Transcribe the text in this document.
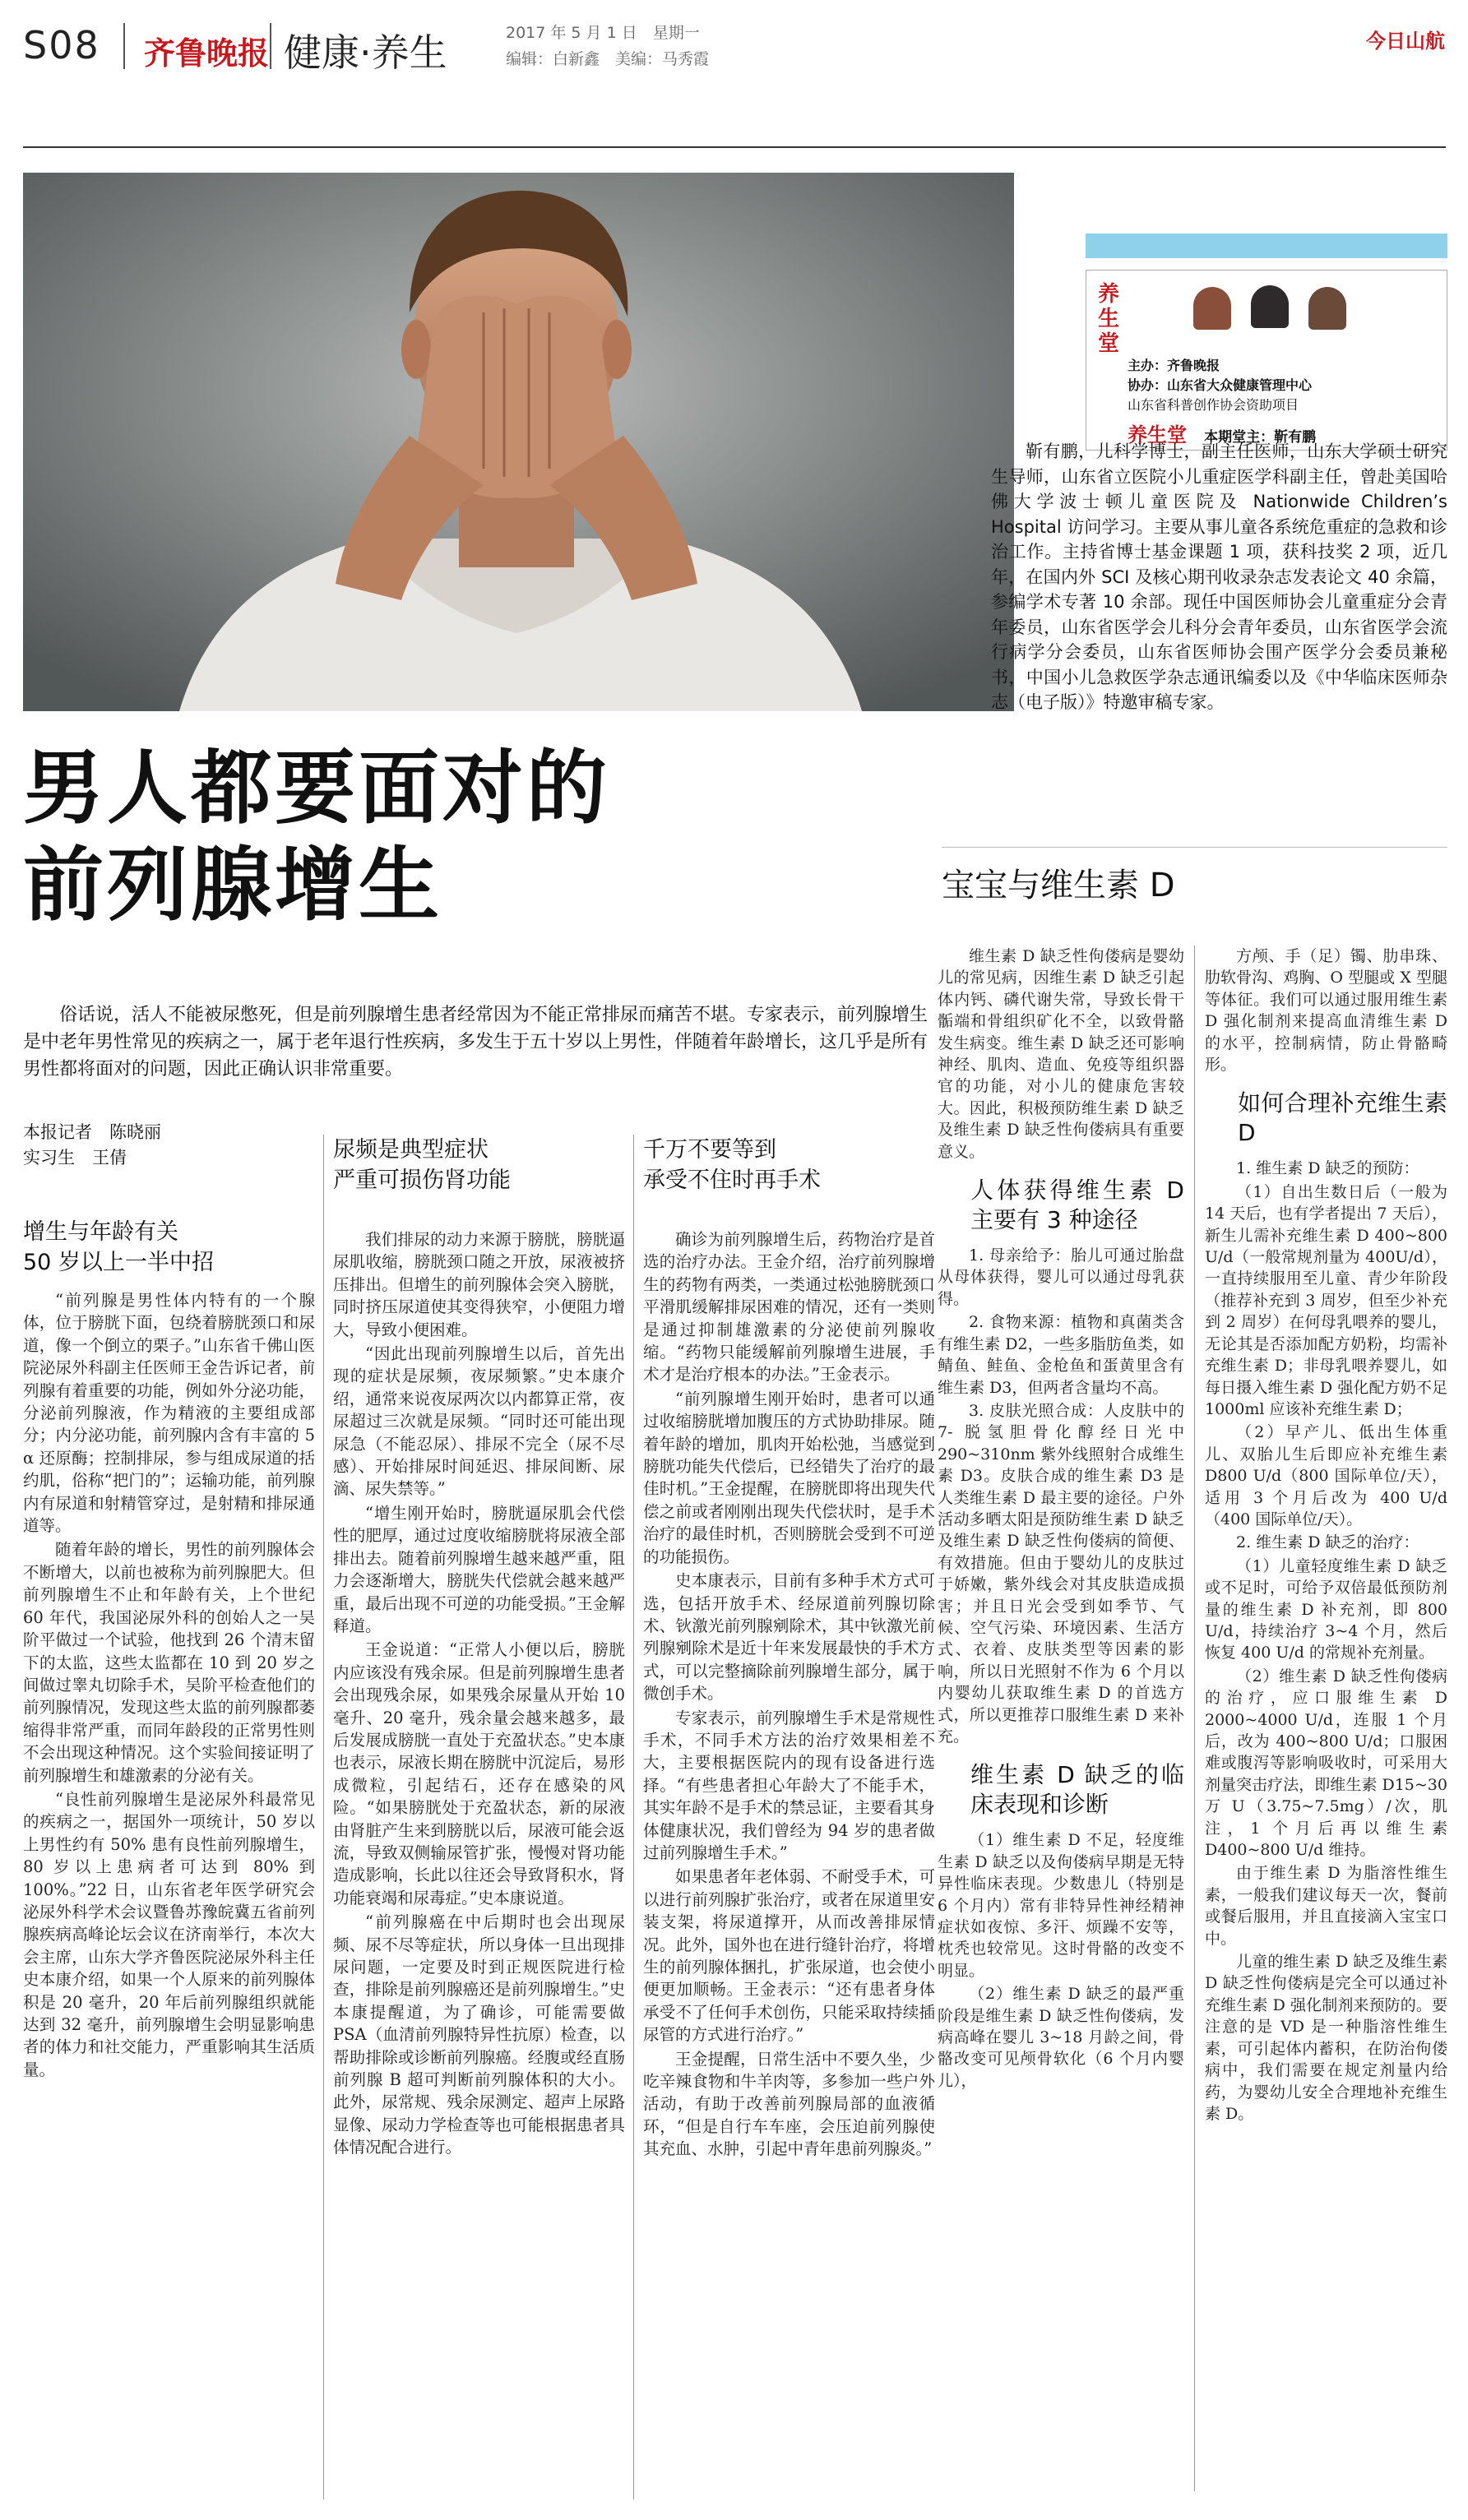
S08 齐鲁晚报 健康·养生	2017 年 5 月 1 日　星期一
编辑：白新鑫　美编：马秀霞
今日山航
男人都要面对的
前列腺增生
俗话说，活人不能被尿憋死，但是前列腺增生患者经常因为不能正常排尿而痛苦不堪。专家表示，前列腺增生是中老年男性常见的疾病之一，属于老年退行性疾病，多发生于五十岁以上男性，伴随着年龄增长，这几乎是所有男性都将面对的问题，因此正确认识非常重要。
本报记者　陈晓丽
实习生　王倩
增生与年龄有关
50 岁以上一半中招

“前列腺是男性体内特有的一个腺体，位于膀胱下面，包绕着膀胱颈口和尿道，像一个倒立的栗子。”山东省千佛山医院泌尿外科副主任医师王金告诉记者，前列腺有着重要的功能，例如外分泌功能，分泌前列腺液，作为精液的主要组成部分；内分泌功能，前列腺内含有丰富的 5 α 还原酶；控制排尿，参与组成尿道的括约肌，俗称“把门的”；运输功能，前列腺内有尿道和射精管穿过，是射精和排尿通道等。

随着年龄的增长，男性的前列腺体会不断增大，以前也被称为前列腺肥大。但前列腺增生不止和年龄有关，上个世纪 60 年代，我国泌尿外科的创始人之一吴阶平做过一个试验，他找到 26 个清末留下的太监，这些太监都在 10 到 20 岁之间做过睾丸切除手术，吴阶平检查他们的前列腺情况，发现这些太监的前列腺都萎缩得非常严重，而同年龄段的正常男性则不会出现这种情况。这个实验间接证明了前列腺增生和雄激素的分泌有关。

“良性前列腺增生是泌尿外科最常见的疾病之一，据国外一项统计，50 岁以上男性约有 50% 患有良性前列腺增生，80 岁以上患病者可达到 80% 到 100%。”22 日，山东省老年医学研究会泌尿外科学术会议暨鲁苏豫皖冀五省前列腺疾病高峰论坛会议在济南举行，本次大会主席，山东大学齐鲁医院泌尿外科主任史本康介绍，如果一个人原来的前列腺体积是 20 毫升，20 年后前列腺组织就能达到 32 毫升，前列腺增生会明显影响患者的体力和社交能力，严重影响其生活质量。

尿频是典型症状
严重可损伤肾功能

我们排尿的动力来源于膀胱，膀胱逼尿肌收缩，膀胱颈口随之开放，尿液被挤压排出。但增生的前列腺体会突入膀胱，同时挤压尿道使其变得狭窄，小便阻力增大，导致小便困难。

“因此出现前列腺增生以后，首先出现的症状是尿频，夜尿频繁。”史本康介绍，通常来说夜尿两次以内都算正常，夜尿超过三次就是尿频。“同时还可能出现尿急（不能忍尿）、排尿不完全（尿不尽感）、开始排尿时间延迟、排尿间断、尿滴、尿失禁等。”

“增生刚开始时，膀胱逼尿肌会代偿性的肥厚，通过过度收缩膀胱将尿液全部排出去。随着前列腺增生越来越严重，阻力会逐渐增大，膀胱失代偿就会越来越严重，最后出现不可逆的功能受损。”王金解释道。

王金说道：“正常人小便以后，膀胱内应该没有残余尿。但是前列腺增生患者会出现残余尿，如果残余尿量从开始 10 毫升、20 毫升，残余量会越来越多，最后发展成膀胱一直处于充盈状态。”史本康也表示，尿液长期在膀胱中沉淀后，易形成微粒，引起结石，还存在感染的风险。“如果膀胱处于充盈状态，新的尿液由肾脏产生来到膀胱以后，尿液可能会返流，导致双侧输尿管扩张，慢慢对肾功能造成影响，长此以往还会导致肾积水，肾功能衰竭和尿毒症。”史本康说道。

“前列腺癌在中后期时也会出现尿频、尿不尽等症状，所以身体一旦出现排尿问题，一定要及时到正规医院进行检查，排除是前列腺癌还是前列腺增生。”史本康提醒道，为了确诊，可能需要做 PSA（血清前列腺特异性抗原）检查，以帮助排除或诊断前列腺癌。经腹或经直肠前列腺 B 超可判断前列腺体积的大小。此外，尿常规、残余尿测定、超声上尿路显像、尿动力学检查等也可能根据患者具体情况配合进行。

千万不要等到
承受不住时再手术

确诊为前列腺增生后，药物治疗是首选的治疗办法。王金介绍，治疗前列腺增生的药物有两类，一类通过松弛膀胱颈口平滑肌缓解排尿困难的情况，还有一类则是通过抑制雄激素的分泌使前列腺收缩。“药物只能缓解前列腺增生进展，手术才是治疗根本的办法。”王金表示。

“前列腺增生刚开始时，患者可以通过收缩膀胱增加腹压的方式协助排尿。随着年龄的增加，肌肉开始松弛，当感觉到膀胱功能失代偿后，已经错失了治疗的最佳时机。”王金提醒，在膀胱即将出现失代偿之前或者刚刚出现失代偿状时，是手术治疗的最佳时机，否则膀胱会受到不可逆的功能损伤。

史本康表示，目前有多种手术方式可选，包括开放手术、经尿道前列腺切除术、钬激光前列腺剜除术，其中钬激光前列腺剜除术是近十年来发展最快的手术方式，可以完整摘除前列腺增生部分，属于微创手术。

专家表示，前列腺增生手术是常规性手术，不同手术方法的治疗效果相差不大，主要根据医院内的现有设备进行选择。“有些患者担心年龄大了不能手术，其实年龄不是手术的禁忌证，主要看其身体健康状况，我们曾经为 94 岁的患者做过前列腺增生手术。”

如果患者年老体弱、不耐受手术，可以进行前列腺扩张治疗，或者在尿道里安装支架，将尿道撑开，从而改善排尿情况。此外，国外也在进行缝针治疗，将增生的前列腺体捆扎，扩张尿道，也会使小便更加顺畅。王金表示：“还有患者身体承受不了任何手术创伤，只能采取持续插尿管的方式进行治疗。”

王金提醒，日常生活中不要久坐，少吃辛辣食物和牛羊肉等，多参加一些户外活动，有助于改善前列腺局部的血液循环，“但是自行车车座，会压迫前列腺使其充血、水肿，引起中青年患前列腺炎。”

养生堂
主办：齐鲁晚报
协办：山东省大众健康管理中心
山东省科普创作协会资助项目
养生堂 本期堂主：靳有鹏
靳有鹏，儿科学博士，副主任医师，山东大学硕士研究生导师，山东省立医院小儿重症医学科副主任，曾赴美国哈佛大学波士顿儿童医院及 Nationwide Children’s Hospital 访问学习。主要从事儿童各系统危重症的急救和诊治工作。主持省博士基金课题 1 项，获科技奖 2 项，近几年，在国内外 SCI 及核心期刊收录杂志发表论文 40 余篇，参编学术专著 10 余部。现任中国医师协会儿童重症分会青年委员，山东省医学会儿科分会青年委员，山东省医学会流行病学分会委员，山东省医师协会围产医学分会委员兼秘书，中国小儿急救医学杂志通讯编委以及《中华临床医师杂志（电子版）》特邀审稿专家。
宝宝与维生素 D

维生素 D 缺乏性佝偻病是婴幼儿的常见病，因维生素 D 缺乏引起体内钙、磷代谢失常，导致长骨干骺端和骨组织矿化不全，以致骨骼发生病变。维生素 D 缺乏还可影响神经、肌肉、造血、免疫等组织器官的功能，对小儿的健康危害较大。因此，积极预防维生素 D 缺乏及维生素 D 缺乏性佝偻病具有重要意义。

人体获得维生素 D 主要有 3 种途径

1. 母亲给予：胎儿可通过胎盘从母体获得，婴儿可以通过母乳获得。

2. 食物来源：植物和真菌类含有维生素 D2，一些多脂肪鱼类，如鲭鱼、鲑鱼、金枪鱼和蛋黄里含有维生素 D3，但两者含量均不高。

3. 皮肤光照合成：人皮肤中的 7- 脱氢胆骨化醇经日光中 290~310nm 紫外线照射合成维生素 D3。皮肤合成的维生素 D3 是人类维生素 D 最主要的途径。户外活动多晒太阳是预防维生素 D 缺乏及维生素 D 缺乏性佝偻病的简便、有效措施。但由于婴幼儿的皮肤过于娇嫩，紫外线会对其皮肤造成损害；并且日光会受到如季节、气候、空气污染、环境因素、生活方式、衣着、皮肤类型等因素的影响，所以日光照射不作为 6 个月以内婴幼儿获取维生素 D 的首选方式，所以更推荐口服维生素 D 来补充。

维生素 D 缺乏的临床表现和诊断

（1）维生素 D 不足，轻度维生素 D 缺乏以及佝偻病早期是无特异性临床表现。少数患儿（特别是 6 个月内）常有非特异性神经精神症状如夜惊、多汗、烦躁不安等，枕秃也较常见。这时骨骼的改变不明显。

（2）维生素 D 缺乏的最严重阶段是维生素 D 缺乏性佝偻病，发病高峰在婴儿 3~18 月龄之间，骨骼改变可见颅骨软化（6 个月内婴儿），

方颅、手（足）镯、肋串珠、肋软骨沟、鸡胸、O 型腿或 X 型腿等体征。我们可以通过服用维生素 D 强化制剂来提高血清维生素 D 的水平，控制病情，防止骨骼畸形。

如何合理补充维生素 D

1. 维生素 D 缺乏的预防：

（1）自出生数日后（一般为 14 天后，也有学者提出 7 天后），新生儿需补充维生素 D 400~800 U/d（一般常规剂量为 400U/d），一直持续服用至儿童、青少年阶段（推荐补充到 3 周岁，但至少补充到 2 周岁）在何母乳喂养的婴儿，无论其是否添加配方奶粉，均需补充维生素 D；非母乳喂养婴儿，如每日摄入维生素 D 强化配方奶不足 1000ml 应该补充维生素 D；

（2）早产儿、低出生体重儿、双胎儿生后即应补充维生素 D800 U/d（800 国际单位/天），适用 3 个月后改为 400 U/d（400 国际单位/天）。

2. 维生素 D 缺乏的治疗：

（1）儿童轻度维生素 D 缺乏或不足时，可给予双倍最低预防剂量的维生素 D 补充剂，即 800 U/d，持续治疗 3~4 个月，然后恢复 400 U/d 的常规补充剂量。

（2）维生素 D 缺乏性佝偻病的治疗，应口服维生素 D 2000~4000 U/d，连服 1 个月后，改为 400~800 U/d；口服困难或腹泻等影响吸收时，可采用大剂量突击疗法，即维生素 D15~30 万 U（3.75~7.5mg）/次，肌注，1 个月后再以维生素 D400~800 U/d 维持。

由于维生素 D 为脂溶性维生素，一般我们建议每天一次，餐前或餐后服用，并且直接滴入宝宝口中。

儿童的维生素 D 缺乏及维生素 D 缺乏性佝偻病是完全可以通过补充维生素 D 强化制剂来预防的。要注意的是 VD 是一种脂溶性维生素，可引起体内蓄积，在防治佝偻病中，我们需要在规定剂量内给药，为婴幼儿安全合理地补充维生素 D。
